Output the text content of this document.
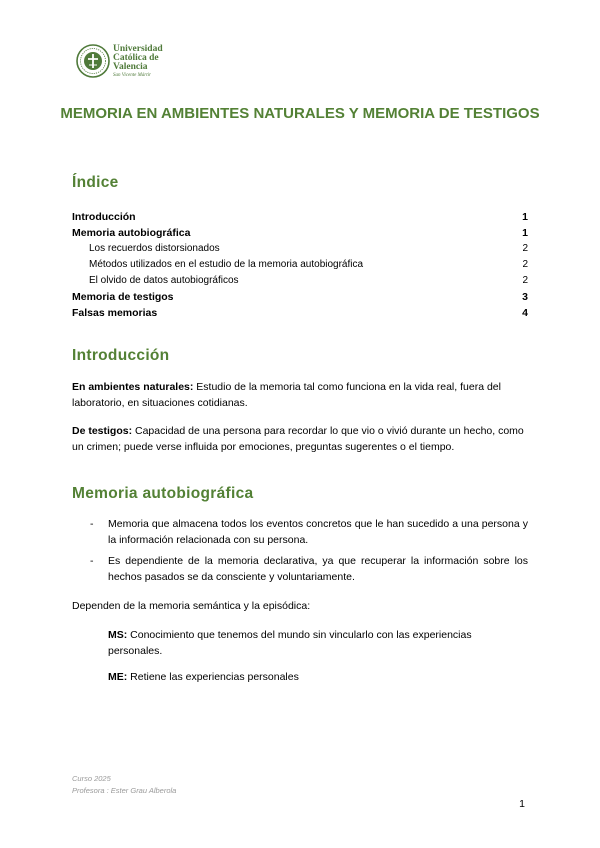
Universidad
Católica de
Valencia
San Vicente Mártir
MEMORIA EN AMBIENTES NATURALES Y MEMORIA DE TESTIGOS
Índice
Introducción	1
Memoria autobiográfica	1
Los recuerdos distorsionados	2
Métodos utilizados en el estudio de la memoria autobiográfica	2
El olvido de datos autobiográficos	2
Memoria de testigos	3
Falsas memorias	4
Introducción
En ambientes naturales: Estudio de la memoria tal como funciona en la vida real, fuera del laboratorio, en situaciones cotidianas.
De testigos: Capacidad de una persona para recordar lo que vio o vivió durante un hecho, como un crimen; puede verse influida por emociones, preguntas sugerentes o el tiempo.
Memoria autobiográfica
- Memoria que almacena todos los eventos concretos que le han sucedido a una persona y la información relacionada con su persona.
- Es dependiente de la memoria declarativa, ya que recuperar la información sobre los hechos pasados se da consciente y voluntariamente.
Dependen de la memoria semántica y la episódica:
MS: Conocimiento que tenemos del mundo sin vincularlo con las experiencias personales.
ME: Retiene las experiencias personales
Curso 2025
Profesora : Ester Grau Alberola
1
